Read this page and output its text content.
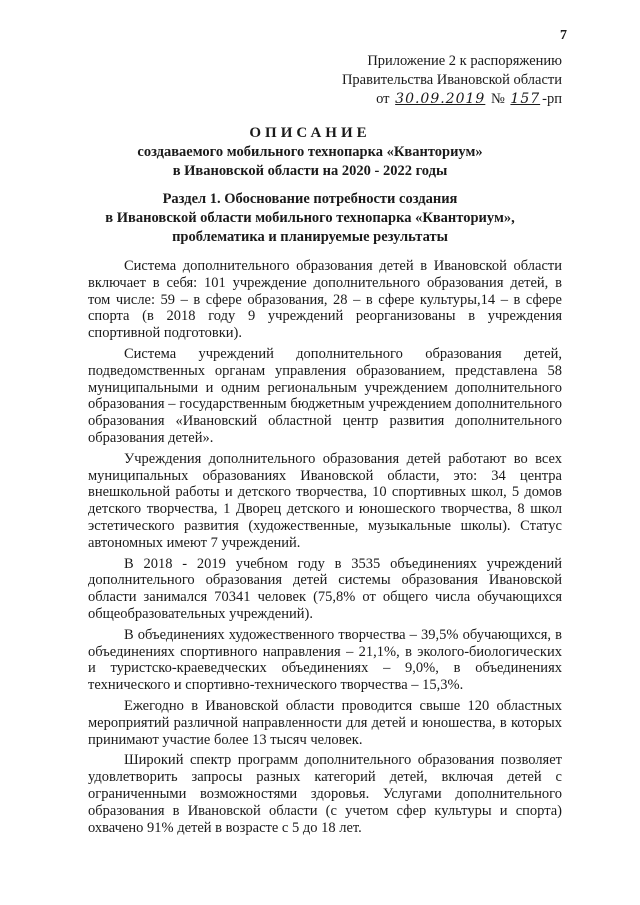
7
Приложение 2 к распоряжению
Правительства Ивановской области
от 30.09.2019 № 157 -рп
ОПИСАНИЕ
создаваемого мобильного технопарка «Кванториум»
в Ивановской области на 2020 - 2022 годы
Раздел 1. Обоснование потребности создания
в Ивановской области мобильного технопарка «Кванториум»,
проблематика и планируемые результаты

Система дополнительного образования детей в Ивановской области включает в себя: 101 учреждение дополнительного образования детей, в том числе: 59 – в сфере образования, 28 – в сфере культуры,14 – в сфере спорта (в 2018 году 9 учреждений реорганизованы в учреждения спортивной подготовки).

Система учреждений дополнительного образования детей, подведомственных органам управления образованием, представлена 58 муниципальными и одним региональным учреждением дополнительного образования – государственным бюджетным учреждением дополнительного образования «Ивановский областной центр развития дополнительного образования детей».

Учреждения дополнительного образования детей работают во всех муниципальных образованиях Ивановской области, это: 34 центра внешкольной работы и детского творчества, 10 спортивных школ, 5 домов детского творчества, 1 Дворец детского и юношеского творчества, 8 школ эстетического развития (художественные, музыкальные школы). Статус автономных имеют 7 учреждений.

В 2018 - 2019 учебном году в 3535 объединениях учреждений дополнительного образования детей системы образования Ивановской области занимался 70341 человек (75,8% от общего числа обучающихся общеобразовательных учреждений).

В объединениях художественного творчества – 39,5% обучающихся, в объединениях спортивного направления – 21,1%, в эколого-биологических и туристско-краеведческих объединениях – 9,0%, в объединениях технического и спортивно-технического творчества – 15,3%.

Ежегодно в Ивановской области проводится свыше 120 областных мероприятий различной направленности для детей и юношества, в которых принимают участие более 13 тысяч человек.

Широкий спектр программ дополнительного образования позволяет удовлетворить запросы разных категорий детей, включая детей с ограниченными возможностями здоровья. Услугами дополнительного образования в Ивановской области (с учетом сфер культуры и спорта) охвачено 91% детей в возрасте с 5 до 18 лет.
